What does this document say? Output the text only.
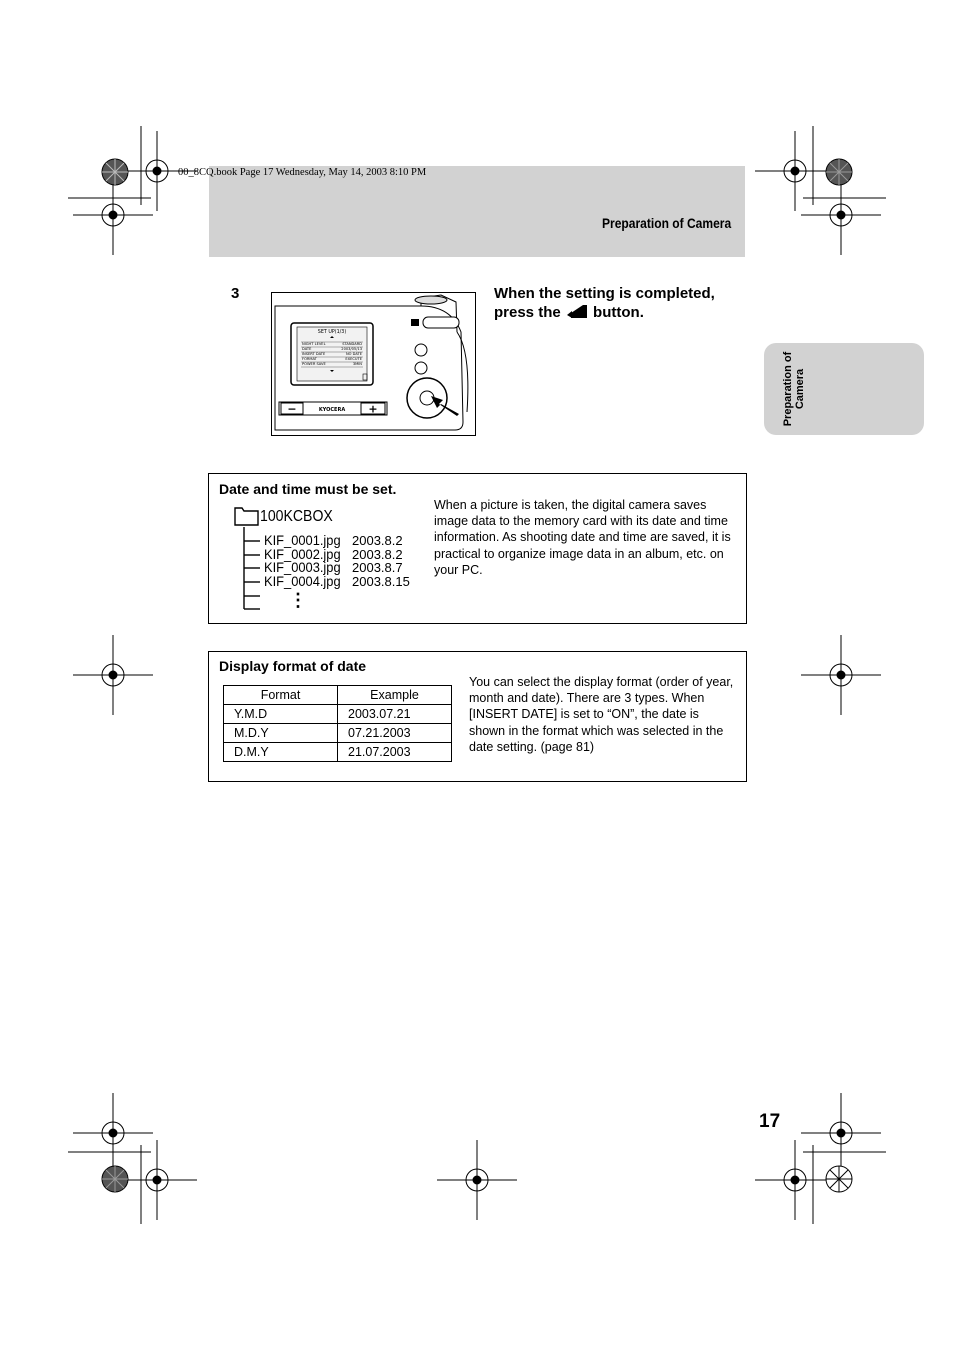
00_8CQ.book Page 17 Wednesday, May 14, 2003 8:10 PM
Preparation of Camera
Preparation of Camera
3
−	+
KYOCERA
SET UP(1/3)
NIGHT LEVEL	STANDARD
DATE	2003/05/13
INSERT DATE	NO DATE
FORMAT	EXECUTE
POWER SAVE	3MIN
When the setting is completed, press the button.
Date and time must be set.
When a picture is taken, the digital camera saves image data to the memory card with its date and time information. As shooting date and time are saved, it is practical to organize image data in an album, etc. on your PC.
100KCBOX
KIF_0001.jpg 2003.8.2
KIF_0002.jpg 2003.8.2
KIF_0003.jpg 2003.8.7
KIF_0004.jpg 2003.8.15
⋮
Display format of date
Format	Example
Y.M.D	2003.07.21
M.D.Y	07.21.2003
D.M.Y	21.07.2003
You can select the display format (order of year, month and date). There are 3 types. When [INSERT DATE] is set to “ON”, the date is shown in the format which was selected in the date setting. (page 81)
17
